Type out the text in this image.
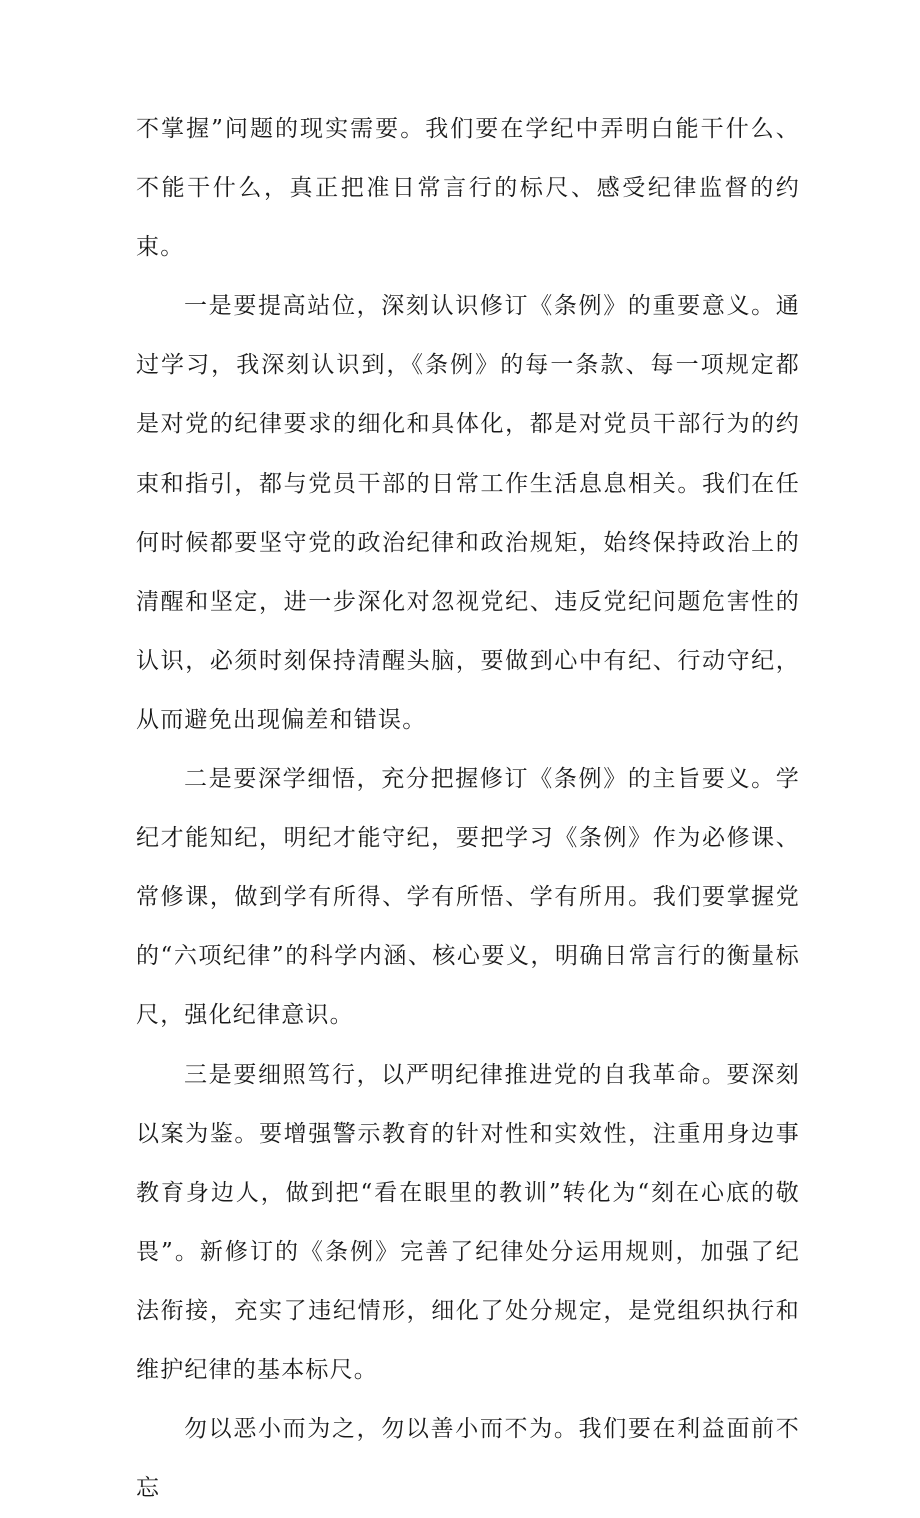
不掌握”问题的现实需要。我们要在学纪中弄明白能干什么、不能干什么，真正把准日常言行的标尺、感受纪律监督的约束。

一是要提高站位，深刻认识修订《条例》的重要意义。通过学习，我深刻认识到，《条例》的每一条款、每一项规定都是对党的纪律要求的细化和具体化，都是对党员干部行为的约束和指引，都与党员干部的日常工作生活息息相关。我们在任何时候都要坚守党的政治纪律和政治规矩，始终保持政治上的清醒和坚定，进一步深化对忽视党纪、违反党纪问题危害性的认识，必须时刻保持清醒头脑，要做到心中有纪、行动守纪，从而避免出现偏差和错误。

二是要深学细悟，充分把握修订《条例》的主旨要义。学纪才能知纪，明纪才能守纪，要把学习《条例》作为必修课、常修课，做到学有所得、学有所悟、学有所用。我们要掌握党的“六项纪律”的科学内涵、核心要义，明确日常言行的衡量标尺，强化纪律意识。

三是要细照笃行，以严明纪律推进党的自我革命。要深刻以案为鉴。要增强警示教育的针对性和实效性，注重用身边事教育身边人，做到把“看在眼里的教训”转化为“刻在心底的敬畏”。新修订的《条例》完善了纪律处分运用规则，加强了纪法衔接，充实了违纪情形，细化了处分规定，是党组织执行和维护纪律的基本标尺。

勿以恶小而为之，勿以善小而不为。我们要在利益面前不忘
